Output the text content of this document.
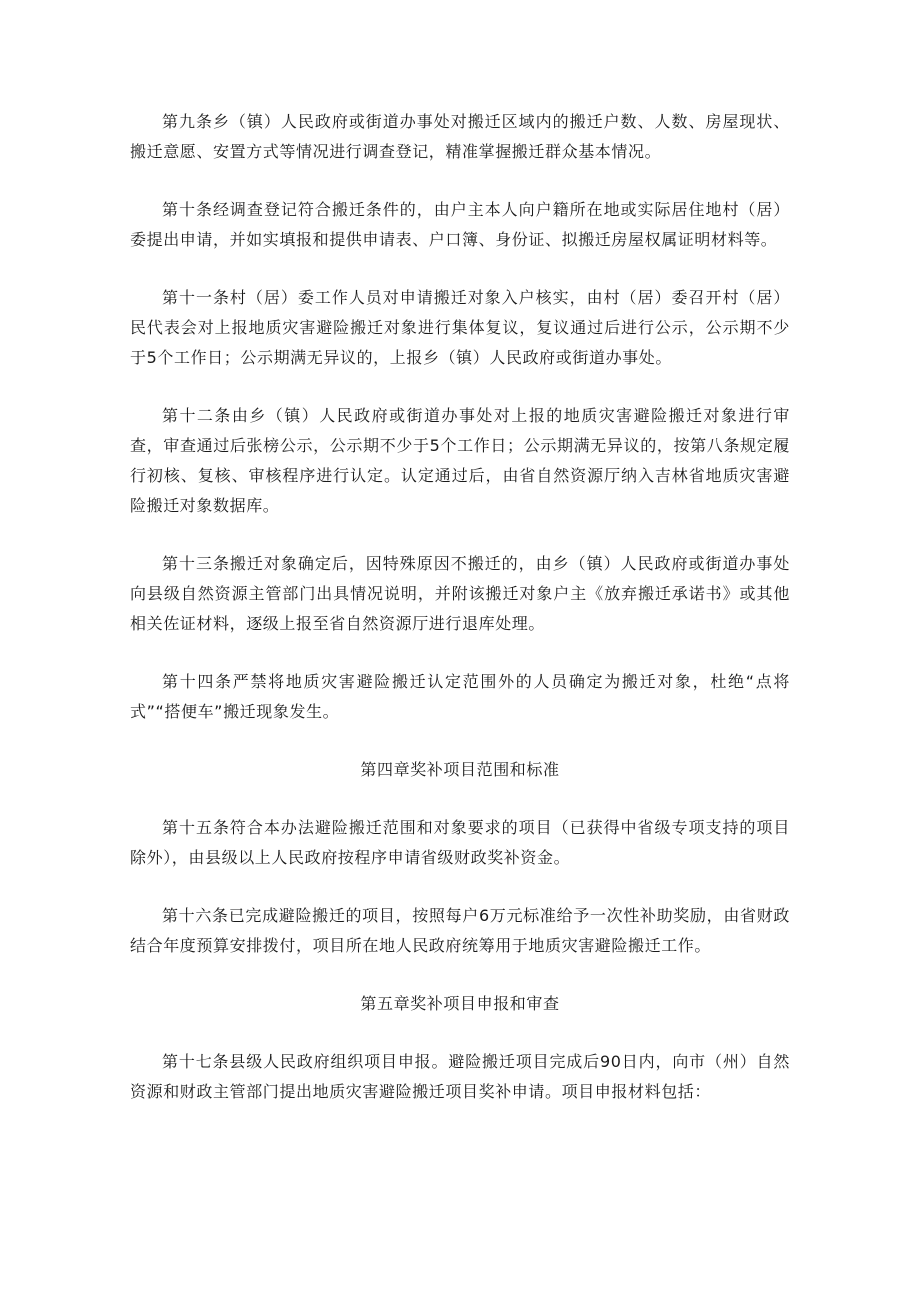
第九条乡（镇）人民政府或街道办事处对搬迁区域内的搬迁户数、人数、房屋现状、搬迁意愿、安置方式等情况进行调查登记，精准掌握搬迁群众基本情况。

第十条经调查登记符合搬迁条件的，由户主本人向户籍所在地或实际居住地村（居）委提出申请，并如实填报和提供申请表、户口簿、身份证、拟搬迁房屋权属证明材料等。

第十一条村（居）委工作人员对申请搬迁对象入户核实，由村（居）委召开村（居）民代表会对上报地质灾害避险搬迁对象进行集体复议，复议通过后进行公示，公示期不少于5个工作日；公示期满无异议的，上报乡（镇）人民政府或街道办事处。

第十二条由乡（镇）人民政府或街道办事处对上报的地质灾害避险搬迁对象进行审查，审查通过后张榜公示，公示期不少于5个工作日；公示期满无异议的，按第八条规定履行初核、复核、审核程序进行认定。认定通过后，由省自然资源厅纳入吉林省地质灾害避险搬迁对象数据库。

第十三条搬迁对象确定后，因特殊原因不搬迁的，由乡（镇）人民政府或街道办事处向县级自然资源主管部门出具情况说明，并附该搬迁对象户主《放弃搬迁承诺书》或其他相关佐证材料，逐级上报至省自然资源厅进行退库处理。

第十四条严禁将地质灾害避险搬迁认定范围外的人员确定为搬迁对象，杜绝“点将式”“搭便车”搬迁现象发生。

第四章奖补项目范围和标准

第十五条符合本办法避险搬迁范围和对象要求的项目（已获得中省级专项支持的项目除外），由县级以上人民政府按程序申请省级财政奖补资金。

第十六条已完成避险搬迁的项目，按照每户6万元标准给予一次性补助奖励，由省财政结合年度预算安排拨付，项目所在地人民政府统筹用于地质灾害避险搬迁工作。

第五章奖补项目申报和审查

第十七条县级人民政府组织项目申报。避险搬迁项目完成后90日内，向市（州）自然资源和财政主管部门提出地质灾害避险搬迁项目奖补申请。项目申报材料包括：
